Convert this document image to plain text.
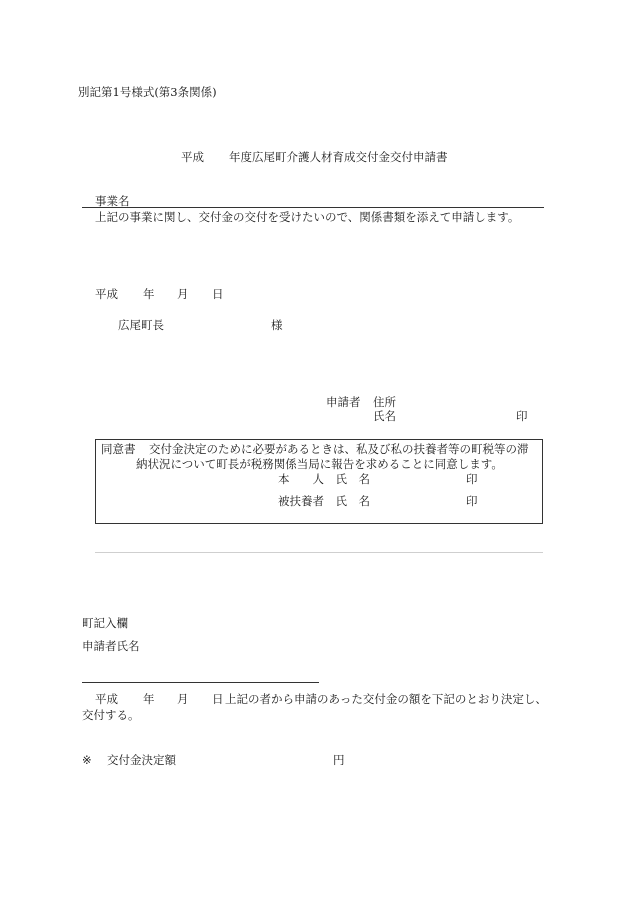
別記第1号様式(第3条関係)
平成 年度広尾町介護人材育成交付金交付申請書
事業名
上記の事業に関し、交付金の交付を受けたいので、関係書類を添えて申請します。
平成 年 月 日
広尾町長	様
申請者 住所
氏名	印
同意書 交付金決定のために必要があるときは、私及び私の扶養者等の町税等の滞
納状況について町長が税務関係当局に報告を求めることに同意します。
本　　人　氏　名	印
被扶養者　氏　名	印
町記入欄
申請者氏名
平成 年 月 日 上記の者から申請のあった交付金の額を下記のとおり決定し、
交付する。
※ 交付金決定額	円
